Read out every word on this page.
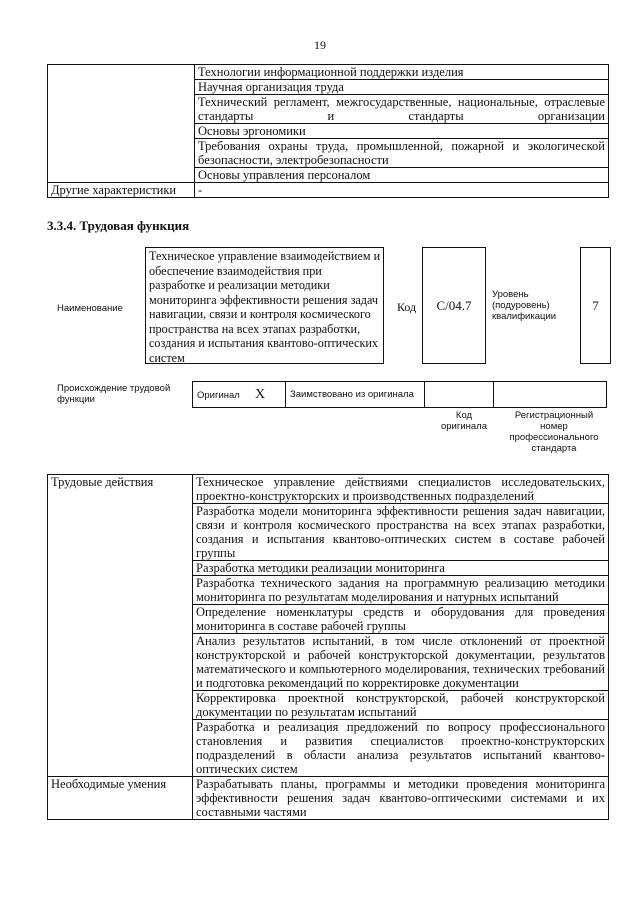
19
	Технологии информационной поддержки изделия
	Научная организация труда
	Технический регламент, межгосударственные, национальные, отраслевые стандарты и стандарты организации
	Основы эргономики
	Требования охраны труда, промышленной, пожарной и экологической безопасности, электробезопасности
	Основы управления персоналом
Другие характеристики	-
3.3.4. Трудовая функция
Наименование
Техническое управление взаимодействием и обеспечение взаимодействия при разработке и реализации методики мониторинга эффективности решения задач навигации, связи и контроля космического пространства на всех этапах разработки, создания и испытания квантово-оптических систем
Код	C/04.7
Уровень (подуровень) квалификации
7
Происхождение трудовой функции	Оригинал X	Заимствовано из оригинала		
Код оригинала
Регистрационный номер профессионального стандарта
Трудовые действия	Техническое управление действиями специалистов исследовательских, проектно-конструкторских и производственных подразделений
	Разработка модели мониторинга эффективности решения задач навигации, связи и контроля космического пространства на всех этапах разработки, создания и испытания квантово-оптических систем в составе рабочей группы
	Разработка методики реализации мониторинга
	Разработка технического задания на программную реализацию методики мониторинга по результатам моделирования и натурных испытаний
	Определение номенклатуры средств и оборудования для проведения мониторинга в составе рабочей группы
	Анализ результатов испытаний, в том числе отклонений от проектной конструкторской и рабочей конструкторской документации, результатов математического и компьютерного моделирования, технических требований и подготовка рекомендаций по корректировке документации
	Корректировка проектной конструкторской, рабочей конструкторской документации по результатам испытаний
	Разработка и реализация предложений по вопросу профессионального становления и развития специалистов проектно-конструкторских подразделений в области анализа результатов испытаний квантово-оптических систем
Необходимые умения	Разрабатывать планы, программы и методики проведения мониторинга эффективности решения задач квантово-оптическими системами и их составными частями
